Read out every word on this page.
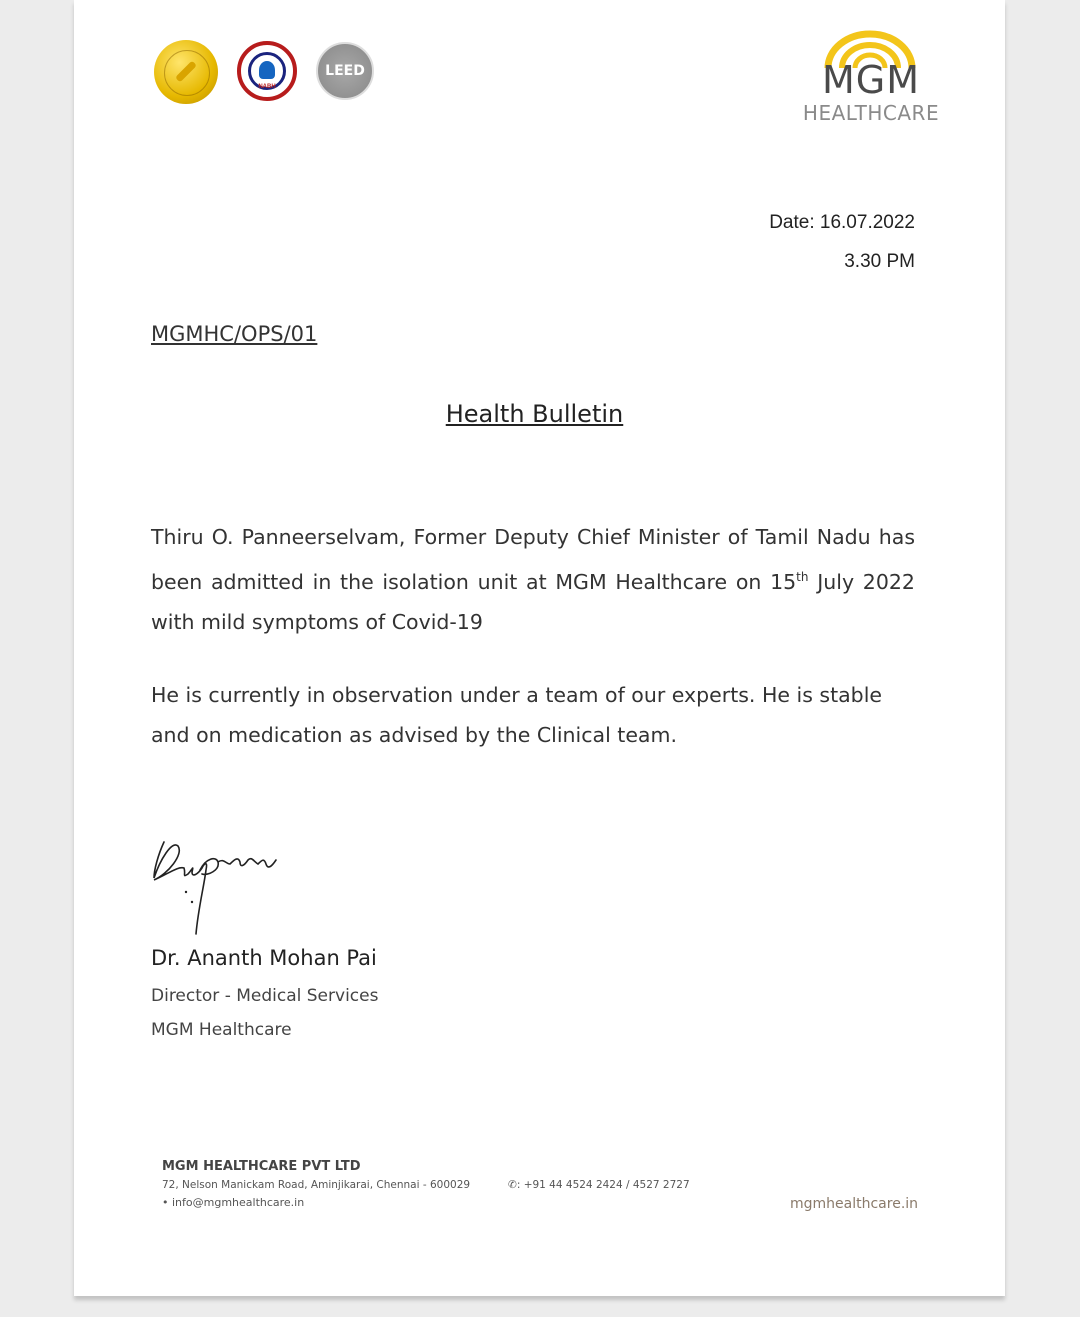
NABH
LEED	MGM
HEALTHCARE
Date: 16.07.2022
3.30 PM
MGMHC/OPS/01
Health Bulletin
Thiru O. Panneerselvam, Former Deputy Chief Minister of Tamil Nadu has been admitted in the isolation unit at MGM Healthcare on 15th July 2022 with mild symptoms of Covid-19
He is currently in observation under a team of our experts. He is stable and on medication as advised by the Clinical team.
Dr. Ananth Mohan Pai
Director - Medical Services
MGM Healthcare
MGM HEALTHCARE PVT LTD
72, Nelson Manickam Road, Aminjikarai, Chennai - 600029	✆: +91 44 4524 2424 / 4527 2727
• info@mgmhealthcare.in	mgmhealthcare.in
